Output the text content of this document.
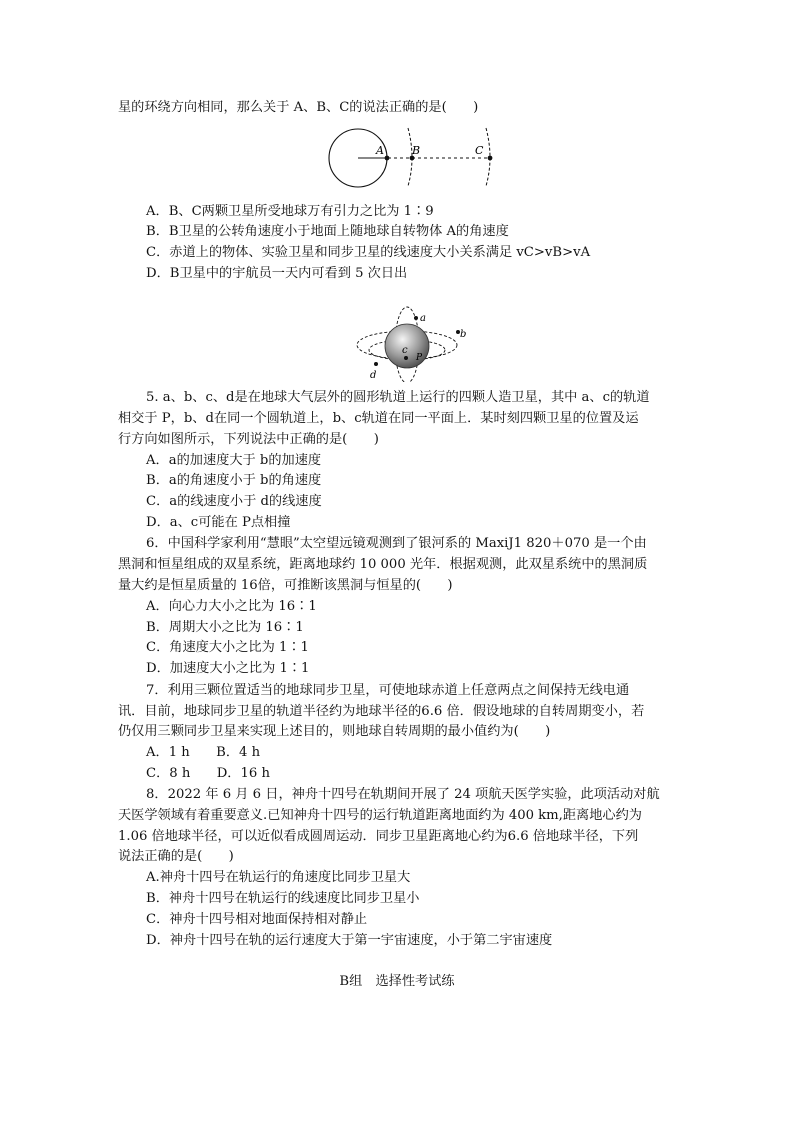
星的环绕方向相同，那么关于 A、B、C的说法正确的是(　　)
A	B	C
A．B、C两颗卫星所受地球万有引力之比为 1∶9
B．B卫星的公转角速度小于地面上随地球自转物体 A的角速度
C．赤道上的物体、实验卫星和同步卫星的线速度大小关系满足 vC>vB>vA
D．B卫星中的宇航员一天内可看到 5 次日出
a
b
c
d
P
5. a、b、c、d是在地球大气层外的圆形轨道上运行的四颗人造卫星，其中 a、c的轨道
相交于 P，b、d在同一个圆轨道上，b、c轨道在同一平面上．某时刻四颗卫星的位置及运
行方向如图所示，下列说法中正确的是(　　)
A．a的加速度大于 b的加速度
B．a的角速度小于 b的角速度
C．a的线速度小于 d的线速度
D．a、c可能在 P点相撞
6．中国科学家利用“慧眼”太空望远镜观测到了银河系的 MaxiJ1 820＋070 是一个由
黑洞和恒星组成的双星系统，距离地球约 10 000 光年．根据观测，此双星系统中的黑洞质
量大约是恒星质量的 16倍，可推断该黑洞与恒星的(　　)
A．向心力大小之比为 16∶1
B．周期大小之比为 16∶1
C．角速度大小之比为 1∶1
D．加速度大小之比为 1∶1
7．利用三颗位置适当的地球同步卫星，可使地球赤道上任意两点之间保持无线电通
讯．目前，地球同步卫星的轨道半径约为地球半径的6.6 倍．假设地球的自转周期变小，若
仍仅用三颗同步卫星来实现上述目的，则地球自转周期的最小值约为(　　)
A．1 h　　B．4 h
C．8 h　　D．16 h
8．2022 年 6 月 6 日，神舟十四号在轨期间开展了 24 项航天医学实验，此项活动对航
天医学领域有着重要意义.已知神舟十四号的运行轨道距离地面约为 400 km,距离地心约为
1.06 倍地球半径，可以近似看成圆周运动．同步卫星距离地心约为6.6 倍地球半径，下列
说法正确的是(　　)
A.神舟十四号在轨运行的角速度比同步卫星大
B．神舟十四号在轨运行的线速度比同步卫星小
C．神舟十四号相对地面保持相对静止
D．神舟十四号在轨的运行速度大于第一宇宙速度，小于第二宇宙速度
B组　选择性考试练
